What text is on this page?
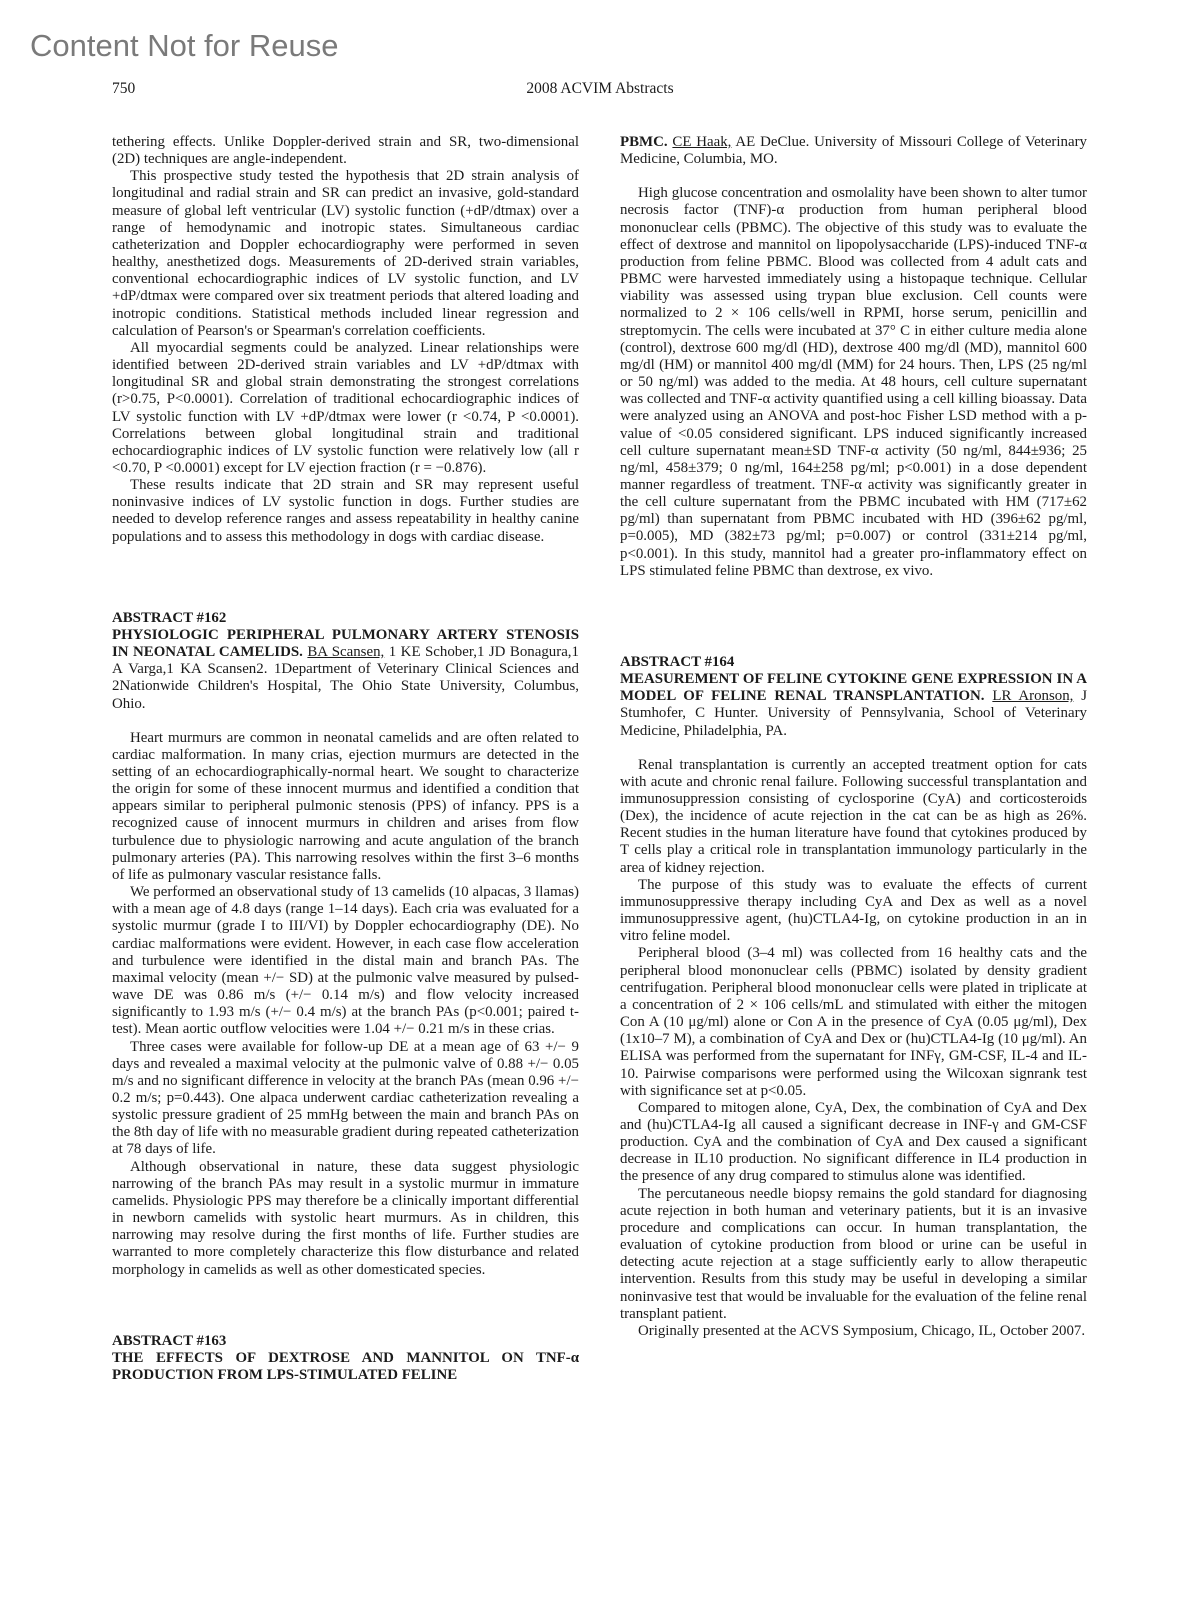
Content Not for Reuse
750	2008 ACVIM Abstracts

tethering effects. Unlike Doppler-derived strain and SR, two-dimensional (2D) techniques are angle-independent.

This prospective study tested the hypothesis that 2D strain analysis of longitudinal and radial strain and SR can predict an invasive, gold-standard measure of global left ventricular (LV) systolic function (+dP/dtmax) over a range of hemodynamic and inotropic states. Simultaneous cardiac catheterization and Doppler echocardiography were performed in seven healthy, anesthetized dogs. Measurements of 2D-derived strain variables, conventional echocardiographic indices of LV systolic function, and LV +dP/dtmax were compared over six treatment periods that altered loading and inotropic conditions. Statistical methods included linear regression and calculation of Pearson's or Spearman's correlation coefficients.

All myocardial segments could be analyzed. Linear relationships were identified between 2D-derived strain variables and LV +dP/dtmax with longitudinal SR and global strain demonstrating the strongest correlations (r>0.75, P<0.0001). Correlation of traditional echocardiographic indices of LV systolic function with LV +dP/dtmax were lower (r <0.74, P <0.0001). Correlations between global longitudinal strain and traditional echocardiographic indices of LV systolic function were relatively low (all r <0.70, P <0.0001) except for LV ejection fraction (r = −0.876).

These results indicate that 2D strain and SR may represent useful noninvasive indices of LV systolic function in dogs. Further studies are needed to develop reference ranges and assess repeatability in healthy canine populations and to assess this methodology in dogs with cardiac disease.

ABSTRACT #162
PHYSIOLOGIC PERIPHERAL PULMONARY ARTERY STENOSIS IN NEONATAL CAMELIDS. BA Scansen, 1 KE Schober,1 JD Bonagura,1 A Varga,1 KA Scansen2. 1Department of Veterinary Clinical Sciences and 2Nationwide Children's Hospital, The Ohio State University, Columbus, Ohio.

Heart murmurs are common in neonatal camelids and are often related to cardiac malformation. In many crias, ejection murmurs are detected in the setting of an echocardiographically-normal heart. We sought to characterize the origin for some of these innocent murmus and identified a condition that appears similar to peripheral pulmonic stenosis (PPS) of infancy. PPS is a recognized cause of innocent murmurs in children and arises from flow turbulence due to physiologic narrowing and acute angulation of the branch pulmonary arteries (PA). This narrowing resolves within the first 3–6 months of life as pulmonary vascular resistance falls.

We performed an observational study of 13 camelids (10 alpacas, 3 llamas) with a mean age of 4.8 days (range 1–14 days). Each cria was evaluated for a systolic murmur (grade I to III/VI) by Doppler echocardiography (DE). No cardiac malformations were evident. However, in each case flow acceleration and turbulence were identified in the distal main and branch PAs. The maximal velocity (mean +/− SD) at the pulmonic valve measured by pulsed-wave DE was 0.86 m/s (+/− 0.14 m/s) and flow velocity increased significantly to 1.93 m/s (+/− 0.4 m/s) at the branch PAs (p<0.001; paired t-test). Mean aortic outflow velocities were 1.04 +/− 0.21 m/s in these crias.

Three cases were available for follow-up DE at a mean age of 63 +/− 9 days and revealed a maximal velocity at the pulmonic valve of 0.88 +/− 0.05 m/s and no significant difference in velocity at the branch PAs (mean 0.96 +/− 0.2 m/s; p=0.443). One alpaca underwent cardiac catheterization revealing a systolic pressure gradient of 25 mmHg between the main and branch PAs on the 8th day of life with no measurable gradient during repeated catheterization at 78 days of life.

Although observational in nature, these data suggest physiologic narrowing of the branch PAs may result in a systolic murmur in immature camelids. Physiologic PPS may therefore be a clinically important differential in newborn camelids with systolic heart murmurs. As in children, this narrowing may resolve during the first months of life. Further studies are warranted to more completely characterize this flow disturbance and related morphology in camelids as well as other domesticated species.

ABSTRACT #163
THE EFFECTS OF DEXTROSE AND MANNITOL ON TNF-α PRODUCTION FROM LPS-STIMULATED FELINE
PBMC. CE Haak, AE DeClue. University of Missouri College of Veterinary Medicine, Columbia, MO.

High glucose concentration and osmolality have been shown to alter tumor necrosis factor (TNF)-α production from human peripheral blood mononuclear cells (PBMC). The objective of this study was to evaluate the effect of dextrose and mannitol on lipopolysaccharide (LPS)-induced TNF-α production from feline PBMC. Blood was collected from 4 adult cats and PBMC were harvested immediately using a histopaque technique. Cellular viability was assessed using trypan blue exclusion. Cell counts were normalized to 2 × 106 cells/well in RPMI, horse serum, penicillin and streptomycin. The cells were incubated at 37° C in either culture media alone (control), dextrose 600 mg/dl (HD), dextrose 400 mg/dl (MD), mannitol 600 mg/dl (HM) or mannitol 400 mg/dl (MM) for 24 hours. Then, LPS (25 ng/ml or 50 ng/ml) was added to the media. At 48 hours, cell culture supernatant was collected and TNF-α activity quantified using a cell killing bioassay. Data were analyzed using an ANOVA and post-hoc Fisher LSD method with a p-value of <0.05 considered significant. LPS induced significantly increased cell culture supernatant mean±SD TNF-α activity (50 ng/ml, 844±936; 25 ng/ml, 458±379; 0 ng/ml, 164±258 pg/ml; p<0.001) in a dose dependent manner regardless of treatment. TNF-α activity was significantly greater in the cell culture supernatant from the PBMC incubated with HM (717±62 pg/ml) than supernatant from PBMC incubated with HD (396±62 pg/ml, p=0.005), MD (382±73 pg/ml; p=0.007) or control (331±214 pg/ml, p<0.001). In this study, mannitol had a greater pro-inflammatory effect on LPS stimulated feline PBMC than dextrose, ex vivo.

ABSTRACT #164
MEASUREMENT OF FELINE CYTOKINE GENE EXPRESSION IN A MODEL OF FELINE RENAL TRANSPLANTATION. LR Aronson, J Stumhofer, C Hunter. University of Pennsylvania, School of Veterinary Medicine, Philadelphia, PA.

Renal transplantation is currently an accepted treatment option for cats with acute and chronic renal failure. Following successful transplantation and immunosuppression consisting of cyclosporine (CyA) and corticosteroids (Dex), the incidence of acute rejection in the cat can be as high as 26%. Recent studies in the human literature have found that cytokines produced by T cells play a critical role in transplantation immunology particularly in the area of kidney rejection.

The purpose of this study was to evaluate the effects of current immunosuppressive therapy including CyA and Dex as well as a novel immunosuppressive agent, (hu)CTLA4-Ig, on cytokine production in an in vitro feline model.

Peripheral blood (3–4 ml) was collected from 16 healthy cats and the peripheral blood mononuclear cells (PBMC) isolated by density gradient centrifugation. Peripheral blood mononuclear cells were plated in triplicate at a concentration of 2 × 106 cells/mL and stimulated with either the mitogen Con A (10 μg/ml) alone or Con A in the presence of CyA (0.05 μg/ml), Dex (1x10–7 M), a combination of CyA and Dex or (hu)CTLA4-Ig (10 μg/ml). An ELISA was performed from the supernatant for INFγ, GM-CSF, IL-4 and IL-10. Pairwise comparisons were performed using the Wilcoxan signrank test with significance set at p<0.05.

Compared to mitogen alone, CyA, Dex, the combination of CyA and Dex and (hu)CTLA4-Ig all caused a significant decrease in INF-γ and GM-CSF production. CyA and the combination of CyA and Dex caused a significant decrease in IL10 production. No significant difference in IL4 production in the presence of any drug compared to stimulus alone was identified.

The percutaneous needle biopsy remains the gold standard for diagnosing acute rejection in both human and veterinary patients, but it is an invasive procedure and complications can occur. In human transplantation, the evaluation of cytokine production from blood or urine can be useful in detecting acute rejection at a stage sufficiently early to allow therapeutic intervention. Results from this study may be useful in developing a similar noninvasive test that would be invaluable for the evaluation of the feline renal transplant patient.

Originally presented at the ACVS Symposium, Chicago, IL, October 2007.
